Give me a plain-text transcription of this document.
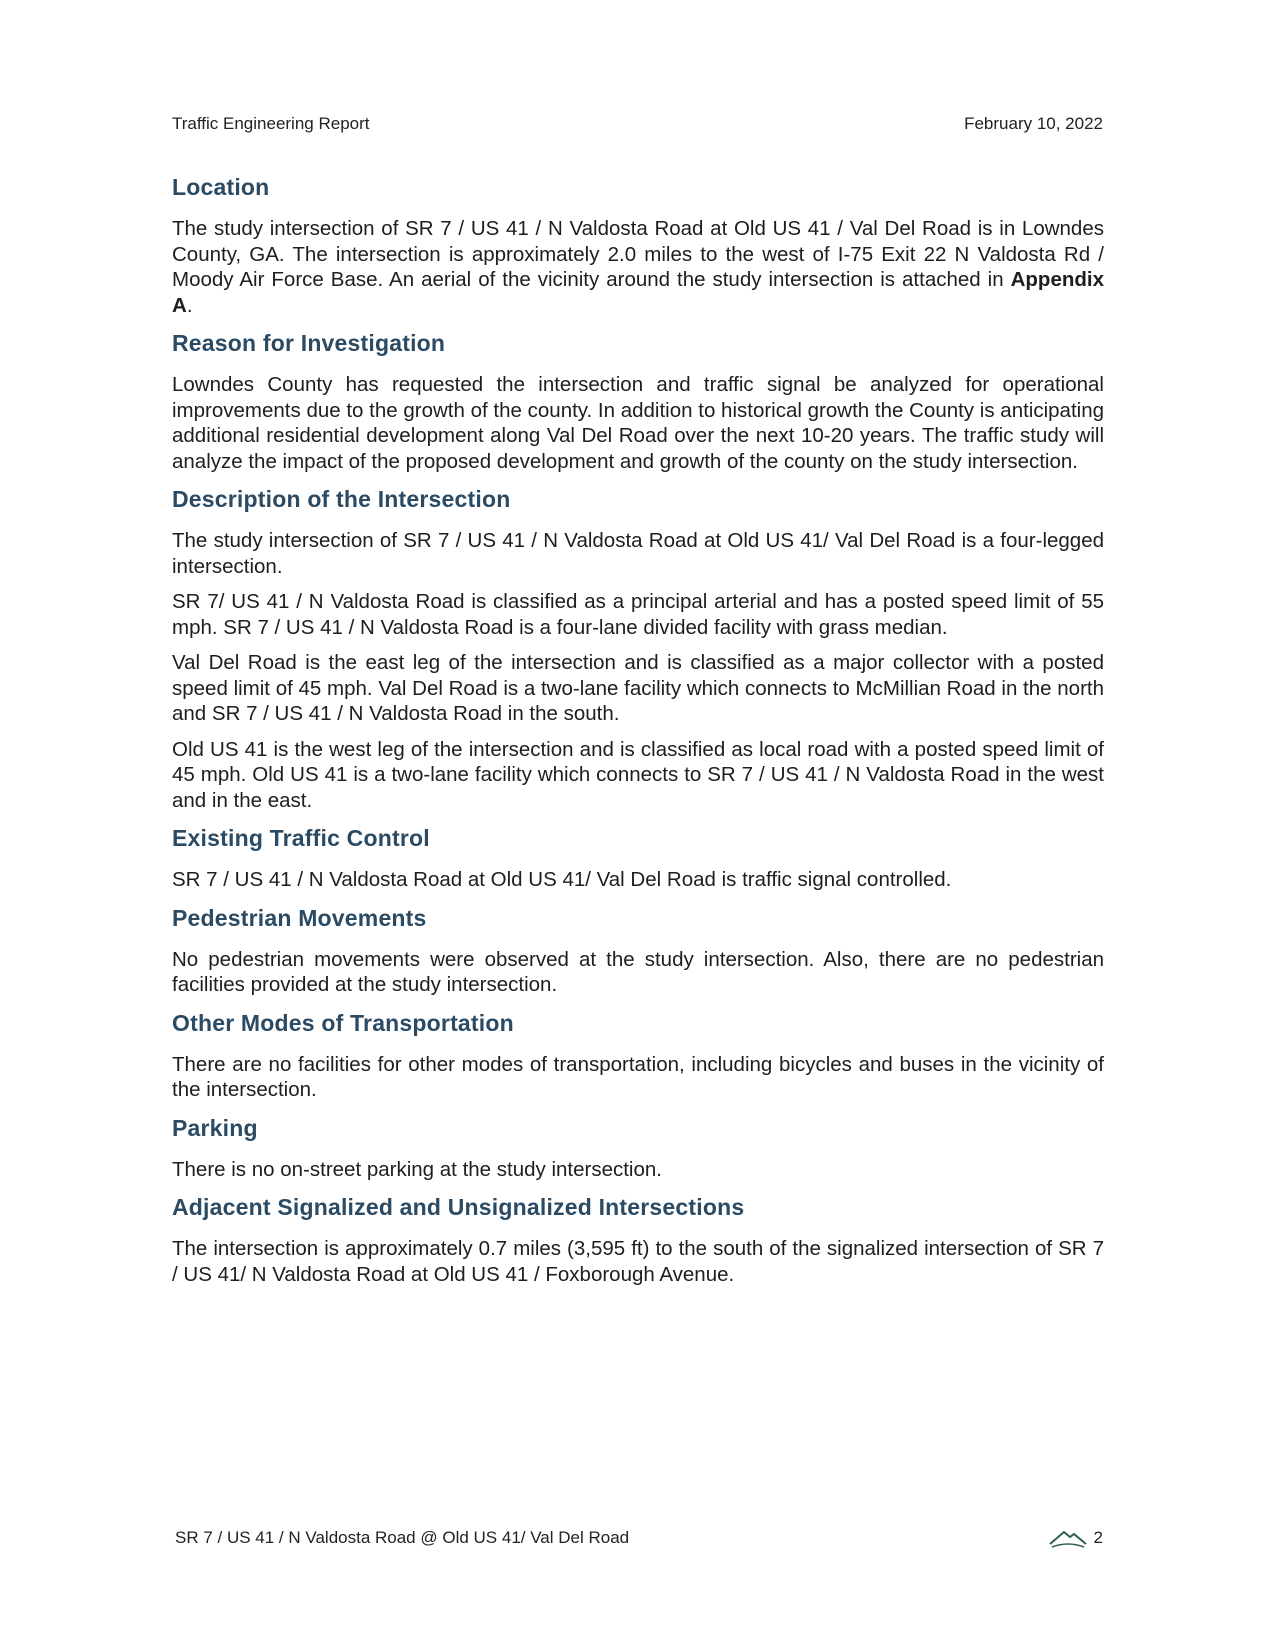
Traffic Engineering Report	February 10, 2022
Location

The study intersection of SR 7 / US 41 / N Valdosta Road at Old US 41 / Val Del Road is in Lowndes County, GA. The intersection is approximately 2.0 miles to the west of I-75 Exit 22 N Valdosta Rd / Moody Air Force Base. An aerial of the vicinity around the study intersection is attached in Appendix A.

Reason for Investigation

Lowndes County has requested the intersection and traffic signal be analyzed for operational improvements due to the growth of the county. In addition to historical growth the County is anticipating additional residential development along Val Del Road over the next 10-20 years. The traffic study will analyze the impact of the proposed development and growth of the county on the study intersection.

Description of the Intersection

The study intersection of SR 7 / US 41 / N Valdosta Road at Old US 41/ Val Del Road is a four-legged intersection.

SR 7/ US 41 / N Valdosta Road is classified as a principal arterial and has a posted speed limit of 55 mph. SR 7 / US 41 / N Valdosta Road is a four-lane divided facility with grass median.

Val Del Road is the east leg of the intersection and is classified as a major collector with a posted speed limit of 45 mph. Val Del Road is a two-lane facility which connects to McMillian Road in the north and SR 7 / US 41 / N Valdosta Road in the south.

Old US 41 is the west leg of the intersection and is classified as local road with a posted speed limit of 45 mph. Old US 41 is a two-lane facility which connects to SR 7 / US 41 / N Valdosta Road in the west and in the east.

Existing Traffic Control

SR 7 / US 41 / N Valdosta Road at Old US 41/ Val Del Road is traffic signal controlled.

Pedestrian Movements

No pedestrian movements were observed at the study intersection. Also, there are no pedestrian facilities provided at the study intersection.

Other Modes of Transportation

There are no facilities for other modes of transportation, including bicycles and buses in the vicinity of the intersection.

Parking

There is no on-street parking at the study intersection.

Adjacent Signalized and Unsignalized Intersections

The intersection is approximately 0.7 miles (3,595 ft) to the south of the signalized intersection of SR 7 / US 41/ N Valdosta Road at Old US 41 / Foxborough Avenue.

SR 7 / US 41 / N Valdosta Road @ Old US 41/ Val Del Road	2
